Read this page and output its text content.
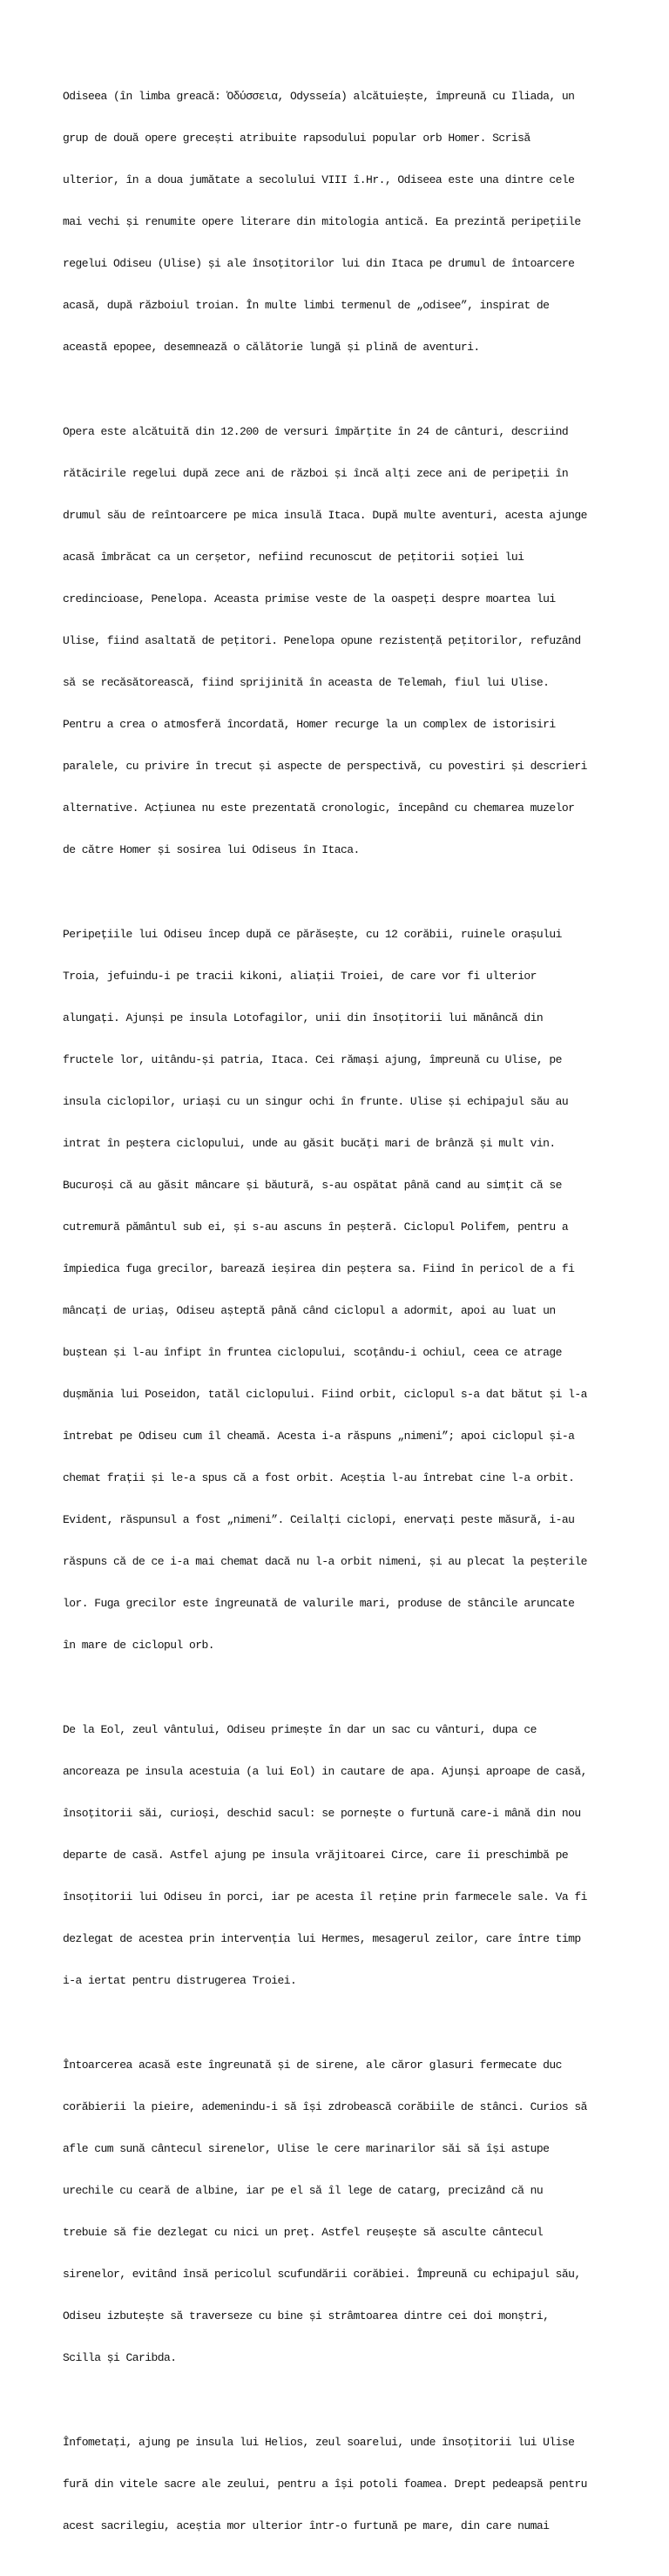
Odiseea (în limba greacă: Ὀδύσσεια, Odysseía) alcătuiește, împreună cu Iliada, un

grup de două opere grecești atribuite rapsodului popular orb Homer. Scrisă

ulterior, în a doua jumătate a secolului VIII î.Hr., Odiseea este una dintre cele

mai vechi și renumite opere literare din mitologia antică. Ea prezintă peripețiile

regelui Odiseu (Ulise) și ale însoțitorilor lui din Itaca pe drumul de întoarcere

acasă, după războiul troian. În multe limbi termenul de „odisee”, inspirat de

această epopee, desemnează o călătorie lungă și plină de aventuri.

Opera este alcătuită din 12.200 de versuri împărțite în 24 de cânturi, descriind

rătăcirile regelui după zece ani de război și încă alți zece ani de peripeții în

drumul său de reîntoarcere pe mica insulă Itaca. După multe aventuri, acesta ajunge

acasă îmbrăcat ca un cerșetor, nefiind recunoscut de pețitorii soției lui

credincioase, Penelopa. Aceasta primise veste de la oaspeți despre moartea lui

Ulise, fiind asaltată de pețitori. Penelopa opune rezistență pețitorilor, refuzând

să se recăsătorească, fiind sprijinită în aceasta de Telemah, fiul lui Ulise.

Pentru a crea o atmosferă încordată, Homer recurge la un complex de istorisiri

paralele, cu privire în trecut și aspecte de perspectivă, cu povestiri și descrieri

alternative. Acțiunea nu este prezentată cronologic, începând cu chemarea muzelor

de către Homer și sosirea lui Odiseus în Itaca.

Peripețiile lui Odiseu încep după ce părăsește, cu 12 corăbii, ruinele orașului

Troia, jefuindu-i pe tracii kikoni, aliații Troiei, de care vor fi ulterior

alungați. Ajunși pe insula Lotofagilor, unii din însoțitorii lui mănâncă din

fructele lor, uitându-și patria, Itaca. Cei rămași ajung, împreună cu Ulise, pe

insula ciclopilor, uriași cu un singur ochi în frunte. Ulise și echipajul său au

intrat în peștera ciclopului, unde au găsit bucăți mari de brânză și mult vin.

Bucuroși că au găsit mâncare și băutură, s-au ospătat până cand au simțit că se

cutremură pământul sub ei, și s-au ascuns în peșteră. Ciclopul Polifem, pentru a

împiedica fuga grecilor, barează ieșirea din peștera sa. Fiind în pericol de a fi

mâncați de uriaș, Odiseu așteptă până când ciclopul a adormit, apoi au luat un

buștean și l-au înfipt în fruntea ciclopului, scoțându-i ochiul, ceea ce atrage

dușmănia lui Poseidon, tatăl ciclopului. Fiind orbit, ciclopul s-a dat bătut și l-a

întrebat pe Odiseu cum îl cheamă. Acesta i-a răspuns „nimeni”; apoi ciclopul și-a

chemat frații și le-a spus că a fost orbit. Aceștia l-au întrebat cine l-a orbit.

Evident, răspunsul a fost „nimeni”. Ceilalți ciclopi, enervați peste măsură, i-au

răspuns că de ce i-a mai chemat dacă nu l-a orbit nimeni, și au plecat la peșterile

lor. Fuga grecilor este îngreunată de valurile mari, produse de stâncile aruncate

în mare de ciclopul orb.

De la Eol, zeul vântului, Odiseu primește în dar un sac cu vânturi, dupa ce

ancoreaza pe insula acestuia (a lui Eol) in cautare de apa. Ajunși aproape de casă,

însoțitorii săi, curioși, deschid sacul: se pornește o furtună care-i mână din nou

departe de casă. Astfel ajung pe insula vrăjitoarei Circe, care îi preschimbă pe

însoțitorii lui Odiseu în porci, iar pe acesta îl reține prin farmecele sale. Va fi

dezlegat de acestea prin intervenția lui Hermes, mesagerul zeilor, care între timp

i-a iertat pentru distrugerea Troiei.

Întoarcerea acasă este îngreunată și de sirene, ale căror glasuri fermecate duc

corăbierii la pieire, ademenindu-i să își zdrobească corăbiile de stânci. Curios să

afle cum sună cântecul sirenelor, Ulise le cere marinarilor săi să își astupe

urechile cu ceară de albine, iar pe el să îl lege de catarg, precizând că nu

trebuie să fie dezlegat cu nici un preț. Astfel reușește să asculte cântecul

sirenelor, evitând însă pericolul scufundării corăbiei. Împreună cu echipajul său,

Odiseu izbutește să traverseze cu bine și strâmtoarea dintre cei doi monștri,

Scilla și Caribda.

Înfometați, ajung pe insula lui Helios, zeul soarelui, unde însoțitorii lui Ulise

fură din vitele sacre ale zeului, pentru a își potoli foamea. Drept pedeapsă pentru

acest sacrilegiu, aceștia mor ulterior într-o furtună pe mare, din care numai
